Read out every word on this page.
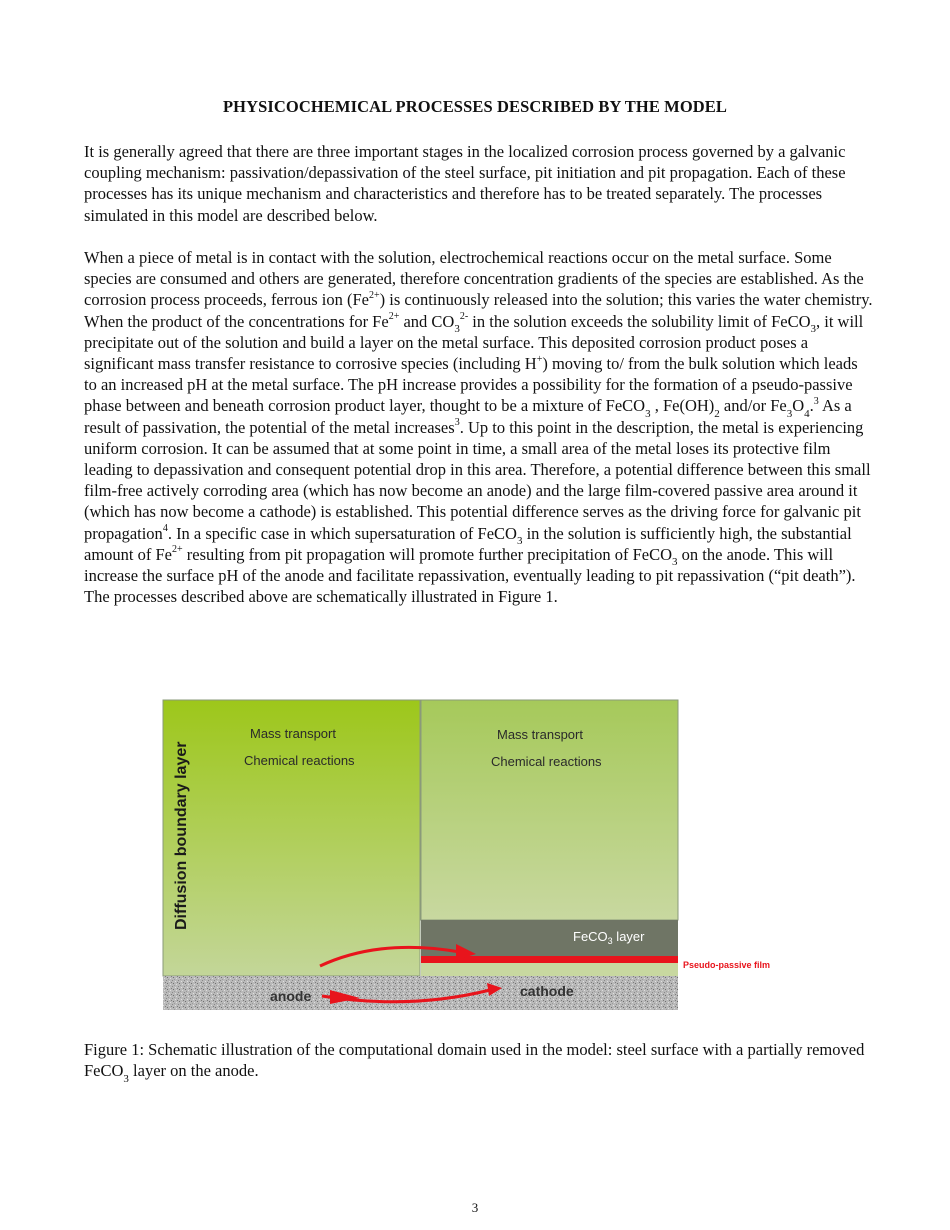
PHYSICOCHEMICAL PROCESSES DESCRIBED BY THE MODEL

It is generally agreed that there are three important stages in the localized corrosion process governed by a galvanic coupling mechanism: passivation/depassivation of the steel surface, pit initiation and pit propagation. Each of these processes has its unique mechanism and characteristics and therefore has to be treated separately. The processes simulated in this model are described below.

When a piece of metal is in contact with the solution, electrochemical reactions occur on the metal surface. Some species are consumed and others are generated, therefore concentration gradients of the species are established. As the corrosion process proceeds, ferrous ion $(Fe^{2+})$ is continuously released into the solution; this varies the water chemistry. When the product of the concentrations for $Fe^{2+}$ and $CO_3^{2-}$ in the solution exceeds the solubility limit of FeCO$_3$, it will precipitate out of the solution and build a layer on the metal surface. This deposited corrosion product poses a significant mass transfer resistance to corrosive species (including H+) moving to/ from the bulk solution which leads to an increased pH at the metal surface. The pH increase provides a possibility for the formation of a pseudo-passive phase between and beneath corrosion product layer, thought to be a mixture of FeCO$_3$ , $Fe(OH)_2$ and/or $Fe_3O_4.^3$ As a result of passivation, the potential of the metal increases$^3$. Up to this point in the description, the metal is experiencing uniform corrosion. It can be assumed that at some point in time, a small area of the metal loses its protective film leading to depassivation and consequent potential drop in this area. Therefore, a potential difference between this small film-free actively corroding area (which has now become an anode) and the large film-covered passive area around it (which has now become a cathode) is established. This potential difference serves as the driving force for galvanic pit propagation$^4$. In a specific case in which supersaturation of FeCO$_3$ in the solution is sufficiently high, the substantial amount of $Fe^{2+}$ resulting from pit propagation will promote further precipitation of FeCO$_3$ on the anode. This will increase the surface pH of the anode and facilitate repassivation, eventually leading to pit repassivation (“pit death”). The processes described above are schematically illustrated in Figure 1.

Diffusion boundary layer
Mass transport
Chemical reactions
Mass transport
Chemical reactions
FeCO$_3$ layer
Pseudo-passive film
anode	cathode

Figure 1: Schematic illustration of the computational domain used in the model: steel surface with a partially removed FeCO$_3$ layer on the anode.

3
